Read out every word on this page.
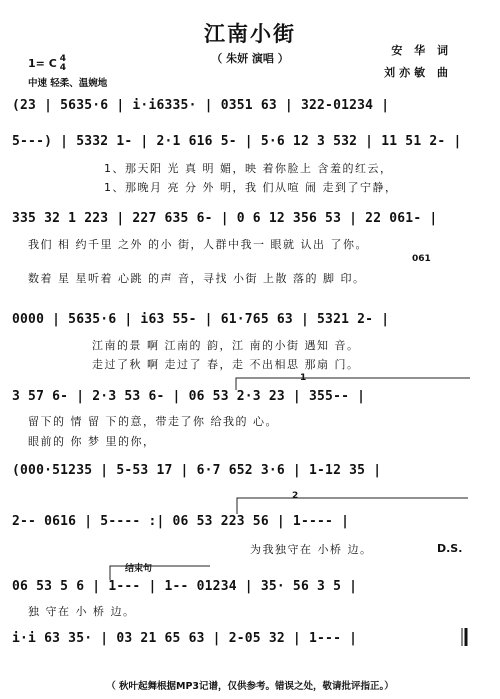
江南小街
（ 朱妍 演唱 ）
安 华 词
刘亦敏 曲
1= C 4
4
中速 轻柔、温婉地
(23 | 5635·6 | i·i6335· | 0351 63 | 322-01234 |
5---) | 5332 1- | 2·1 616 5- | 5·6 12 3 532 | 11 51 2- |
1、那天阳 光 真 明 媚，映 着你脸上 含羞的红云，
1、那晚月 亮 分 外 明，我 们从喧 闹 走到了宁静，
335 32 1 223 | 227 635 6- | 0 6 12 356 53 | 22 061- |
我们 相 约千里 之外 的小 街，人群中我一 眼就 认出 了你。
061
数着 星 星听着 心跳 的声 音，寻找 小街 上散 落的 脚 印。
0000 | 5635·6 | i63 55- | 61·765 63 | 5321 2- |
江南的景 啊 江南的 韵，江 南的小街 遇知 音。
走过了秋 啊 走过了 春，走 不出相思 那扇 门。
3 57 6- | 2·3 53 6- | 06 53 2·3 23 | 355-- |
留下的 情 留 下的意，带走了你 给我的 心。
眼前的 你 梦 里的你，
(000·51235 | 5-53 17 | 6·7 652 3·6 | 1-12 35 |
2-- 0616 | 5---- :| 06 53 223 56 | 1---- |
为我独守在 小桥 边。	D.S.
结束句
06 53 5 6 | 1--- | 1-- 01234 | 35· 56 3 5 |
独 守在 小 桥 边。
i·i 63 35· | 03 21 65 63 | 2-05 32 | 1--- |
1
2
（ 秋叶起舞根据MP3记谱，仅供参考。错误之处，敬请批评指正。）
